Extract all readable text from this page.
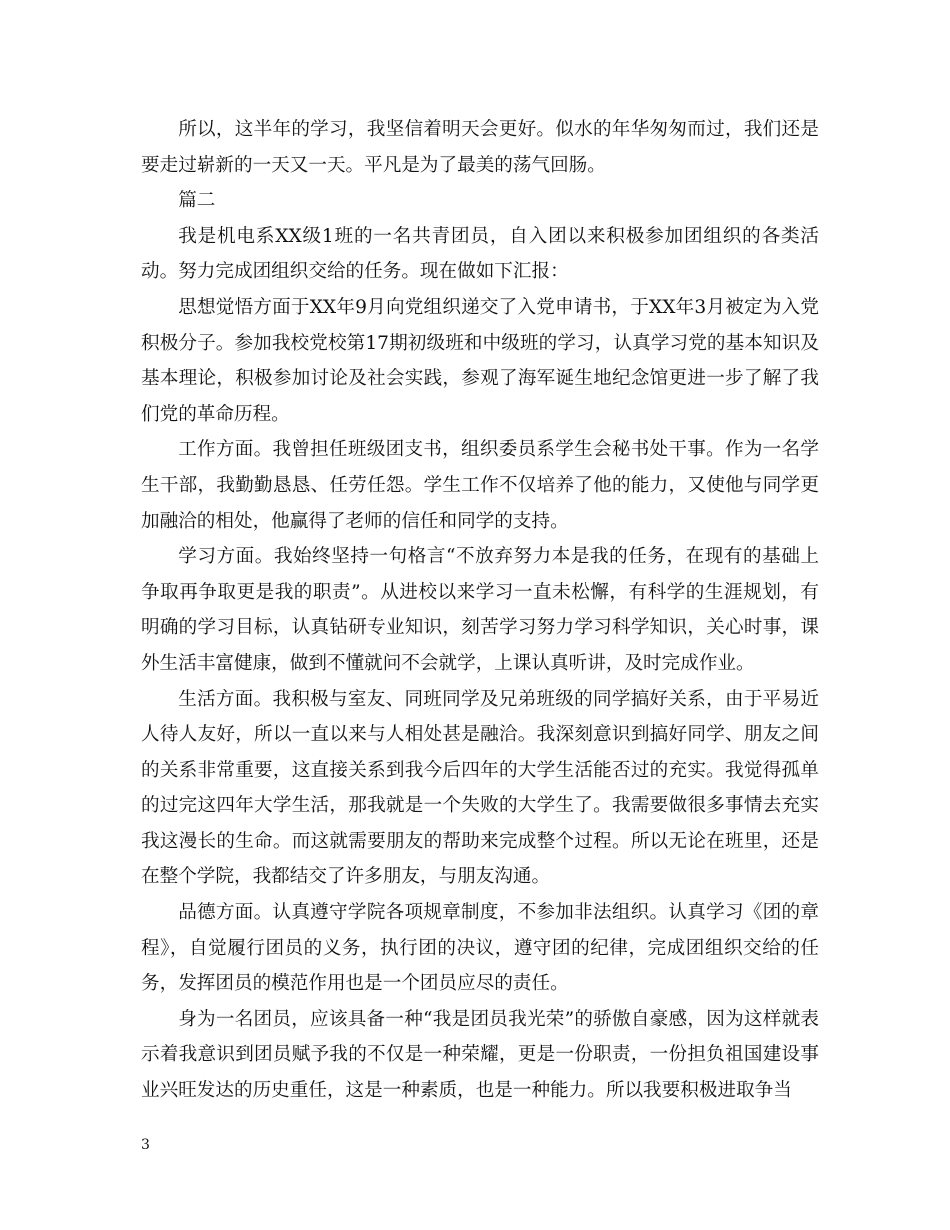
所以，这半年的学习，我坚信着明天会更好。似水的年华匆匆而过，我们还是要走过崭新的一天又一天。平凡是为了最美的荡气回肠。

篇二

我是机电系XX级1班的一名共青团员，自入团以来积极参加团组织的各类活动。努力完成团组织交给的任务。现在做如下汇报：

思想觉悟方面于XX年9月向党组织递交了入党申请书，于XX年3月被定为入党积极分子。参加我校党校第17期初级班和中级班的学习，认真学习党的基本知识及基本理论，积极参加讨论及社会实践，参观了海军诞生地纪念馆更进一步了解了我们党的革命历程。

工作方面。我曾担任班级团支书，组织委员系学生会秘书处干事。作为一名学生干部，我勤勤恳恳、任劳任怨。学生工作不仅培养了他的能力，又使他与同学更加融洽的相处，他赢得了老师的信任和同学的支持。

学习方面。我始终坚持一句格言“不放弃努力本是我的任务，在现有的基础上争取再争取更是我的职责”。从进校以来学习一直未松懈，有科学的生涯规划，有明确的学习目标，认真钻研专业知识，刻苦学习努力学习科学知识，关心时事，课外生活丰富健康，做到不懂就问不会就学，上课认真听讲，及时完成作业。

生活方面。我积极与室友、同班同学及兄弟班级的同学搞好关系，由于平易近人待人友好，所以一直以来与人相处甚是融洽。我深刻意识到搞好同学、朋友之间的关系非常重要，这直接关系到我今后四年的大学生活能否过的充实。我觉得孤单的过完这四年大学生活，那我就是一个失败的大学生了。我需要做很多事情去充实我这漫长的生命。而这就需要朋友的帮助来完成整个过程。所以无论在班里，还是在整个学院，我都结交了许多朋友，与朋友沟通。

品德方面。认真遵守学院各项规章制度，不参加非法组织。认真学习《团的章程》，自觉履行团员的义务，执行团的决议，遵守团的纪律，完成团组织交给的任务，发挥团员的模范作用也是一个团员应尽的责任。

身为一名团员，应该具备一种“我是团员我光荣”的骄傲自豪感，因为这样就表示着我意识到团员赋予我的不仅是一种荣耀，更是一份职责，一份担负祖国建设事业兴旺发达的历史重任，这是一种素质，也是一种能力。所以我要积极进取争当

3
